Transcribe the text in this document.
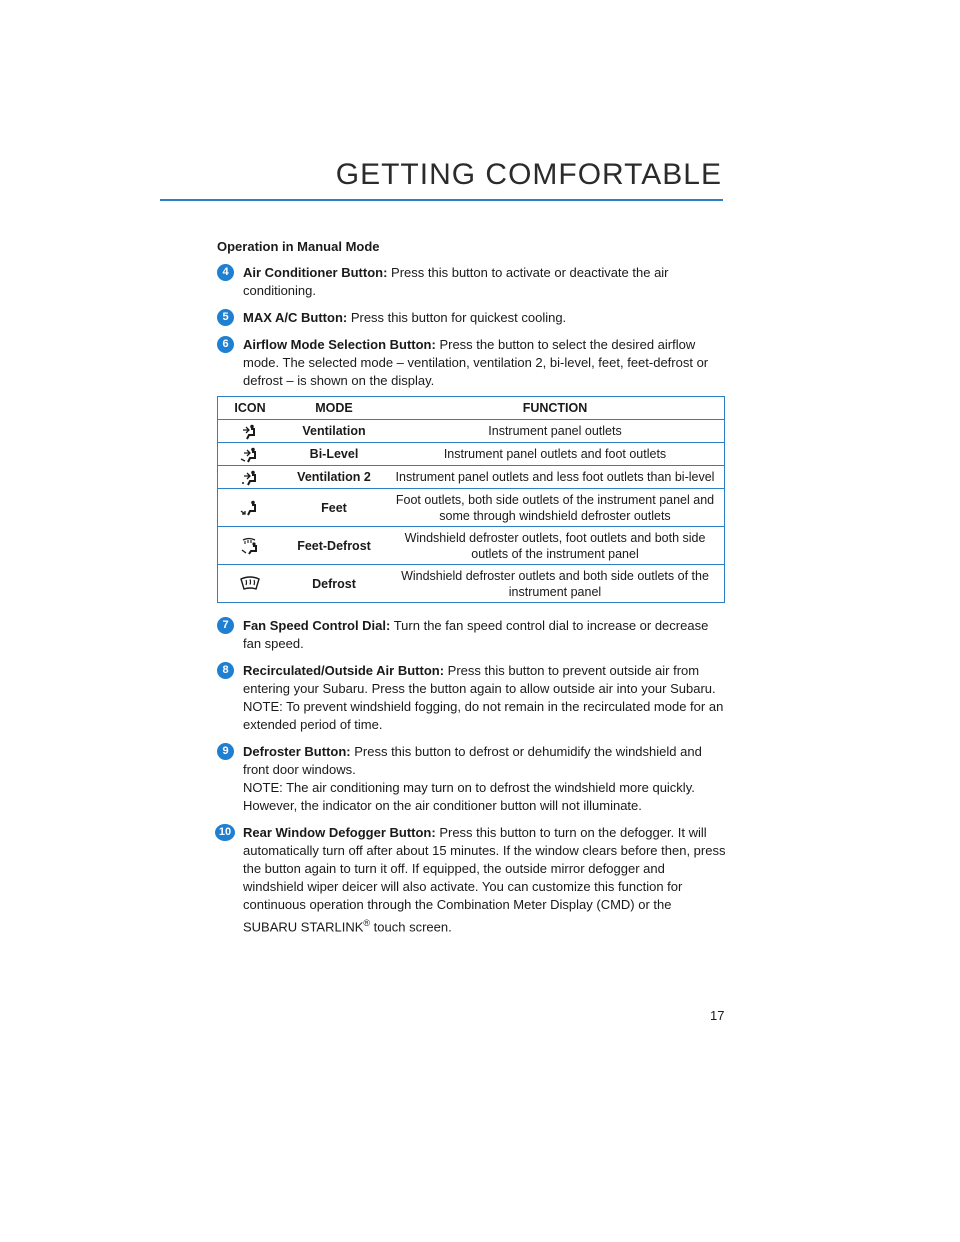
GETTING COMFORTABLE
Operation in Manual Mode
4	Air Conditioner Button: Press this button to activate or deactivate the air conditioning.

5	MAX A/C Button: Press this button for quickest cooling.

6	Airflow Mode Selection Button: Press the button to select the desired airflow mode. The selected mode – ventilation, ventilation 2, bi-level, feet, feet-defrost or defrost – is shown on the display.

ICON	MODE	FUNCTION
	Ventilation	Instrument panel outlets
	Bi-Level	Instrument panel outlets and foot outlets
	Ventilation 2	Instrument panel outlets and less foot outlets than bi-level
	Feet	Foot outlets, both side outlets of the instrument panel and some through windshield defroster outlets
	Feet-Defrost	Windshield defroster outlets, foot outlets and both side outlets of the instrument panel
	Defrost	Windshield defroster outlets and both side outlets of the instrument panel
7	Fan Speed Control Dial: Turn the fan speed control dial to increase or decrease fan speed.

8	Recirculated/Outside Air Button: Press this button to prevent outside air from entering your Subaru. Press the button again to allow outside air into your Subaru.
NOTE: To prevent windshield fogging, do not remain in the recirculated mode for an extended period of time.

9	Defroster Button: Press this button to defrost or dehumidify the windshield and front door windows.
NOTE: The air conditioning may turn on to defrost the windshield more quickly. However, the indicator on the air conditioner button will not illuminate.

10 Rear Window Defogger Button: Press this button to turn on the defogger. It will automatically turn off after about 15 minutes. If the window clears before then, press the button again to turn it off. If equipped, the outside mirror defogger and windshield wiper deicer will also activate. You can customize this function for continuous operation through the Combination Meter Display (CMD) or the SUBARU STARLINK® touch screen.

17
